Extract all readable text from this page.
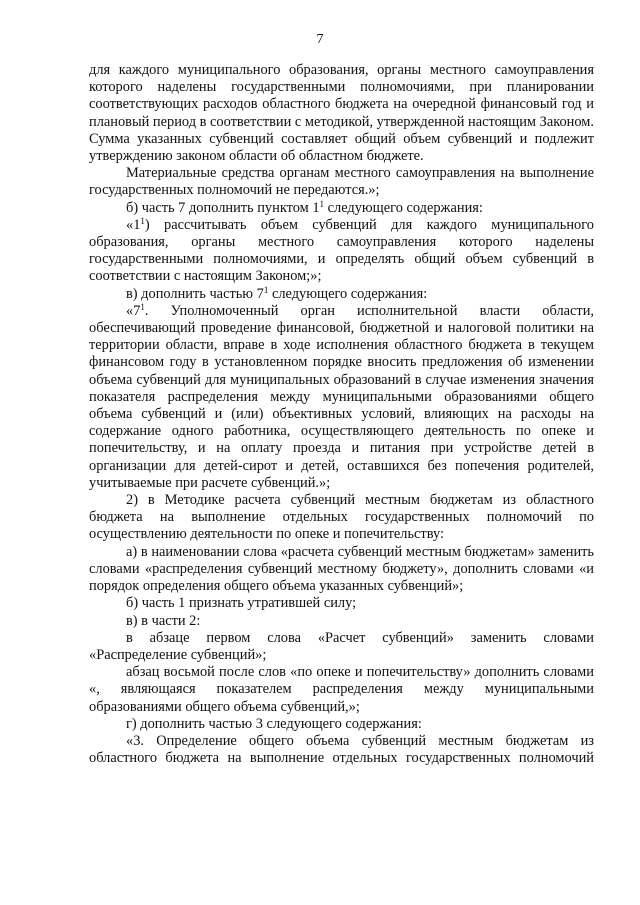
7

для каждого муниципального образования, органы местного самоуправления которого наделены государственными полномочиями, при планировании соответствующих расходов областного бюджета на очередной финансовый год и плановый период в соответствии с методикой, утвержденной настоящим Законом. Сумма указанных субвенций составляет общий объем субвенций и подлежит утверждению законом области об областном бюджете.

Материальные средства органам местного самоуправления на выполнение государственных полномочий не передаются.»;

б) часть 7 дополнить пунктом $1^1$ следующего содержания:

«$1^1$) рассчитывать объем субвенций для каждого муниципального образования, органы местного самоуправления которого наделены государственными полномочиями, и определять общий объем субвенций в соответствии с настоящим Законом;»;

в) дополнить частью $7^1$ следующего содержания:

«$7^1$. Уполномоченный орган исполнительной власти области, обеспечивающий проведение финансовой, бюджетной и налоговой политики на территории области, вправе в ходе исполнения областного бюджета в текущем финансовом году в установленном порядке вносить предложения об изменении объема субвенций для муниципальных образований в случае изменения значения показателя распределения между муниципальными образованиями общего объема субвенций и (или) объективных условий, влияющих на расходы на содержание одного работника, осуществляющего деятельность по опеке и попечительству, и на оплату проезда и питания при устройстве детей в организации для детей-сирот и детей, оставшихся без попечения родителей, учитываемые при расчете субвенций.»;

2) в Методике расчета субвенций местным бюджетам из областного бюджета на выполнение отдельных государственных полномочий по осуществлению деятельности по опеке и попечительству:

а) в наименовании слова «расчета субвенций местным бюджетам» заменить словами «распределения субвенций местному бюджету», дополнить словами «и порядок определения общего объема указанных субвенций»;

б) часть 1 признать утратившей силу;

в) в части 2:

в абзаце первом слова «Расчет субвенций» заменить словами «Распределение субвенций»;

абзац восьмой после слов «по опеке и попечительству» дополнить словами «, являющаяся показателем распределения между муниципальными образованиями общего объема субвенций,»;

г) дополнить частью 3 следующего содержания:

«3. Определение общего объема субвенций местным бюджетам из областного бюджета на выполнение отдельных государственных полномочий
